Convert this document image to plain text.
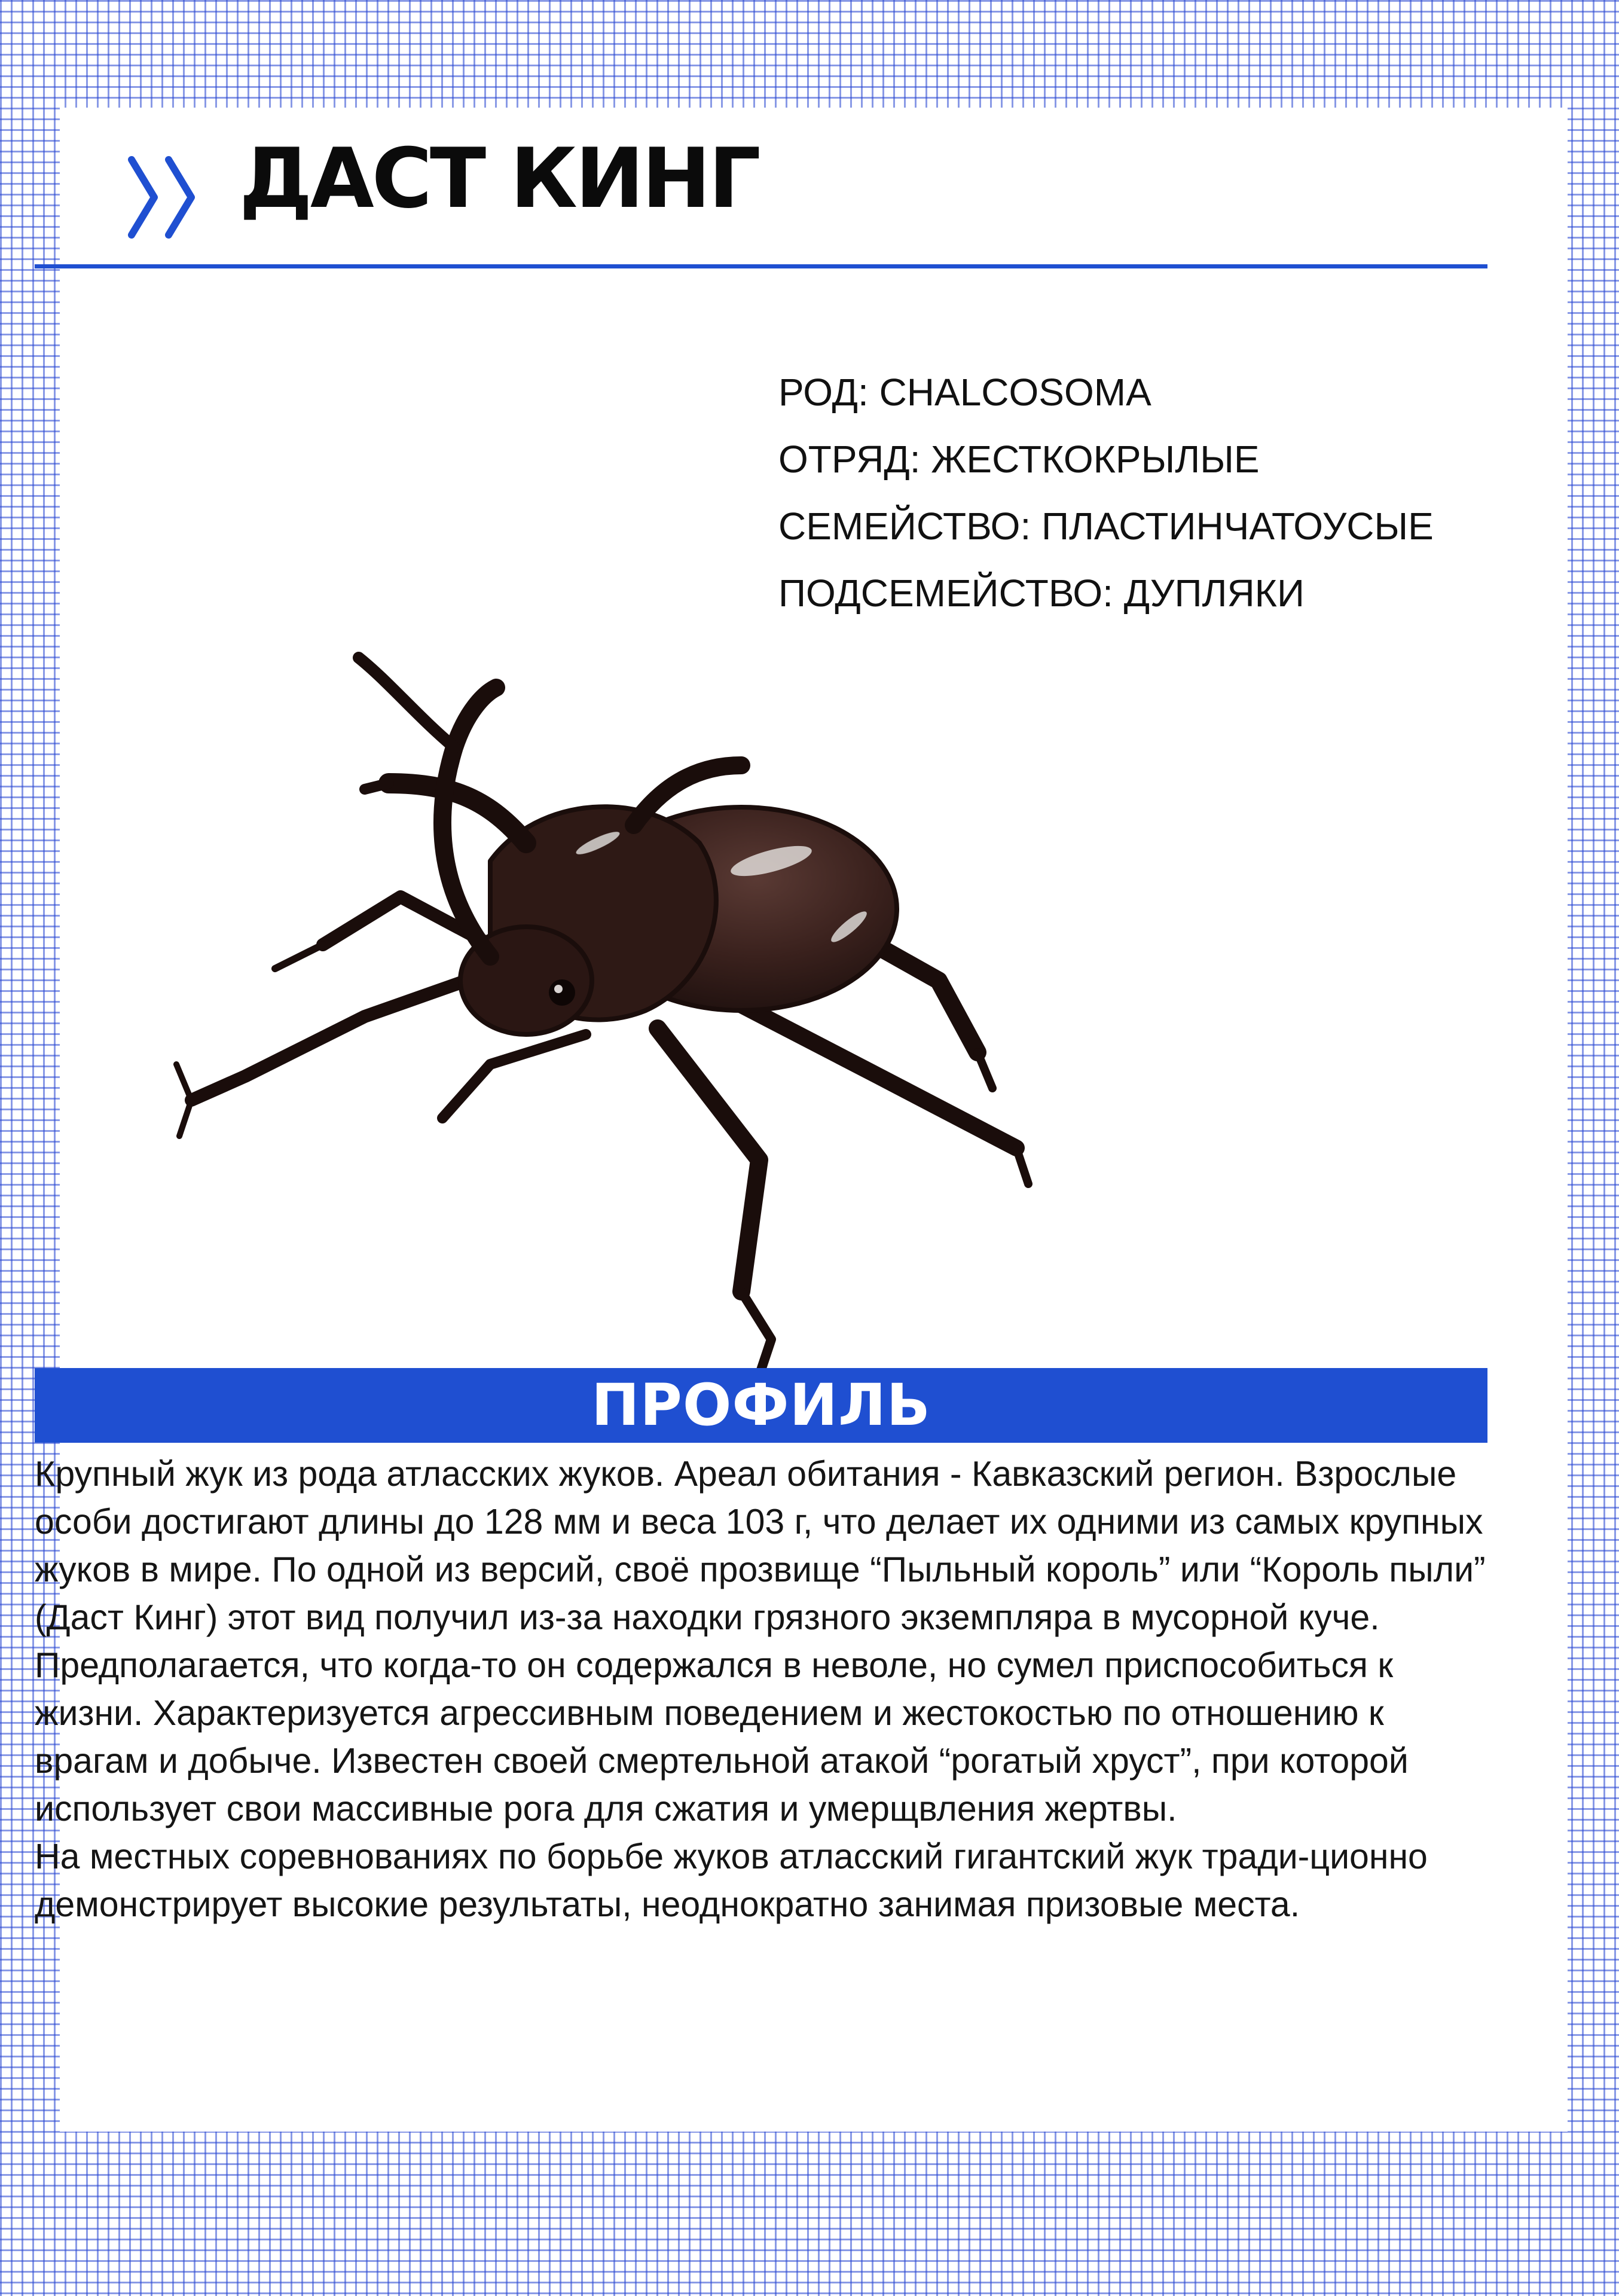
ДАСТ КИНГ
РОД: CHALCOSOMA
ОТРЯД: ЖЕСТКОКРЫЛЫЕ
СЕМЕЙСТВО: ПЛАСТИНЧАТОУСЫЕ
ПОДСЕМЕЙСТВО: ДУПЛЯКИ
ПРОФИЛЬ

Крупный жук из рода атласских жуков. Ареал обитания - Кавказский регион. Взрослые особи достигают длины до 128 мм и веса 103 г, что делает их одними из самых крупных жуков в мире. По одной из версий, своё прозвище “Пыльный король” или “Король пыли” (Даст Кинг) этот вид получил из-за находки грязного экземпляра в мусорной куче. Предполагается, что когда-то он содержался в неволе, но сумел приспособиться к жизни. Характеризуется агрессивным поведением и жестокостью по отношению к врагам и добыче. Известен своей смертельной атакой “рогатый хруст”, при которой использует свои массивные рога для сжатия и умерщвления жертвы.

На местных соревнованиях по борьбе жуков атласский гигантский жук тради-ционно демонстрирует высокие результаты, неоднократно занимая призовые места.
